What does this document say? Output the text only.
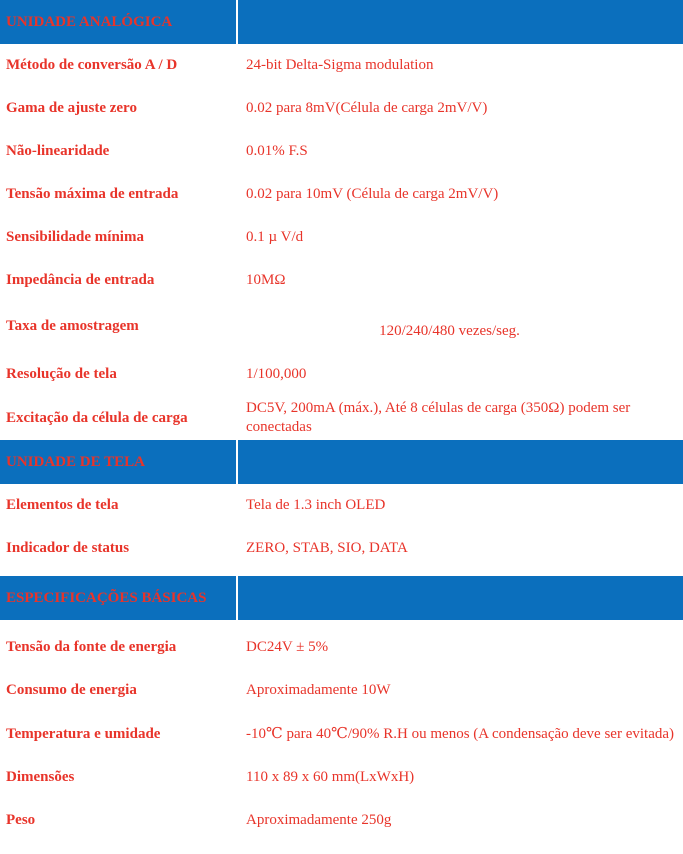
UNIDADE ANALÓGICA	
Método de conversão A / D	24-bit Delta-Sigma modulation
Gama de ajuste zero	0.02 para 8mV(Célula de carga 2mV/V)
Não-linearidade	0.01% F.S
Tensão máxima de entrada	0.02 para 10mV (Célula de carga 2mV/V)
Sensibilidade mínima	0.1 µ V/d
Impedância de entrada	10MΩ
Taxa de amostragem	120/240/480 vezes/seg.
Resolução de tela	1/100,000
Excitação da célula de carga	DC5V, 200mA (máx.), Até 8 células de carga (350Ω) podem ser conectadas
UNIDADE DE TELA	
Elementos de tela	Tela de 1.3 inch OLED
Indicador de status	ZERO, STAB, SIO, DATA

ESPECIFICAÇÕES BÁSICAS	

Tensão da fonte de energia	DC24V ± 5%
Consumo de energia	Aproximadamente 10W
Temperatura e umidade	-10℃ para 40℃/90% R.H ou menos (A condensação deve ser evitada)
Dimensões	110 x 89 x 60 mm(LxWxH)
Peso	Aproximadamente 250g
